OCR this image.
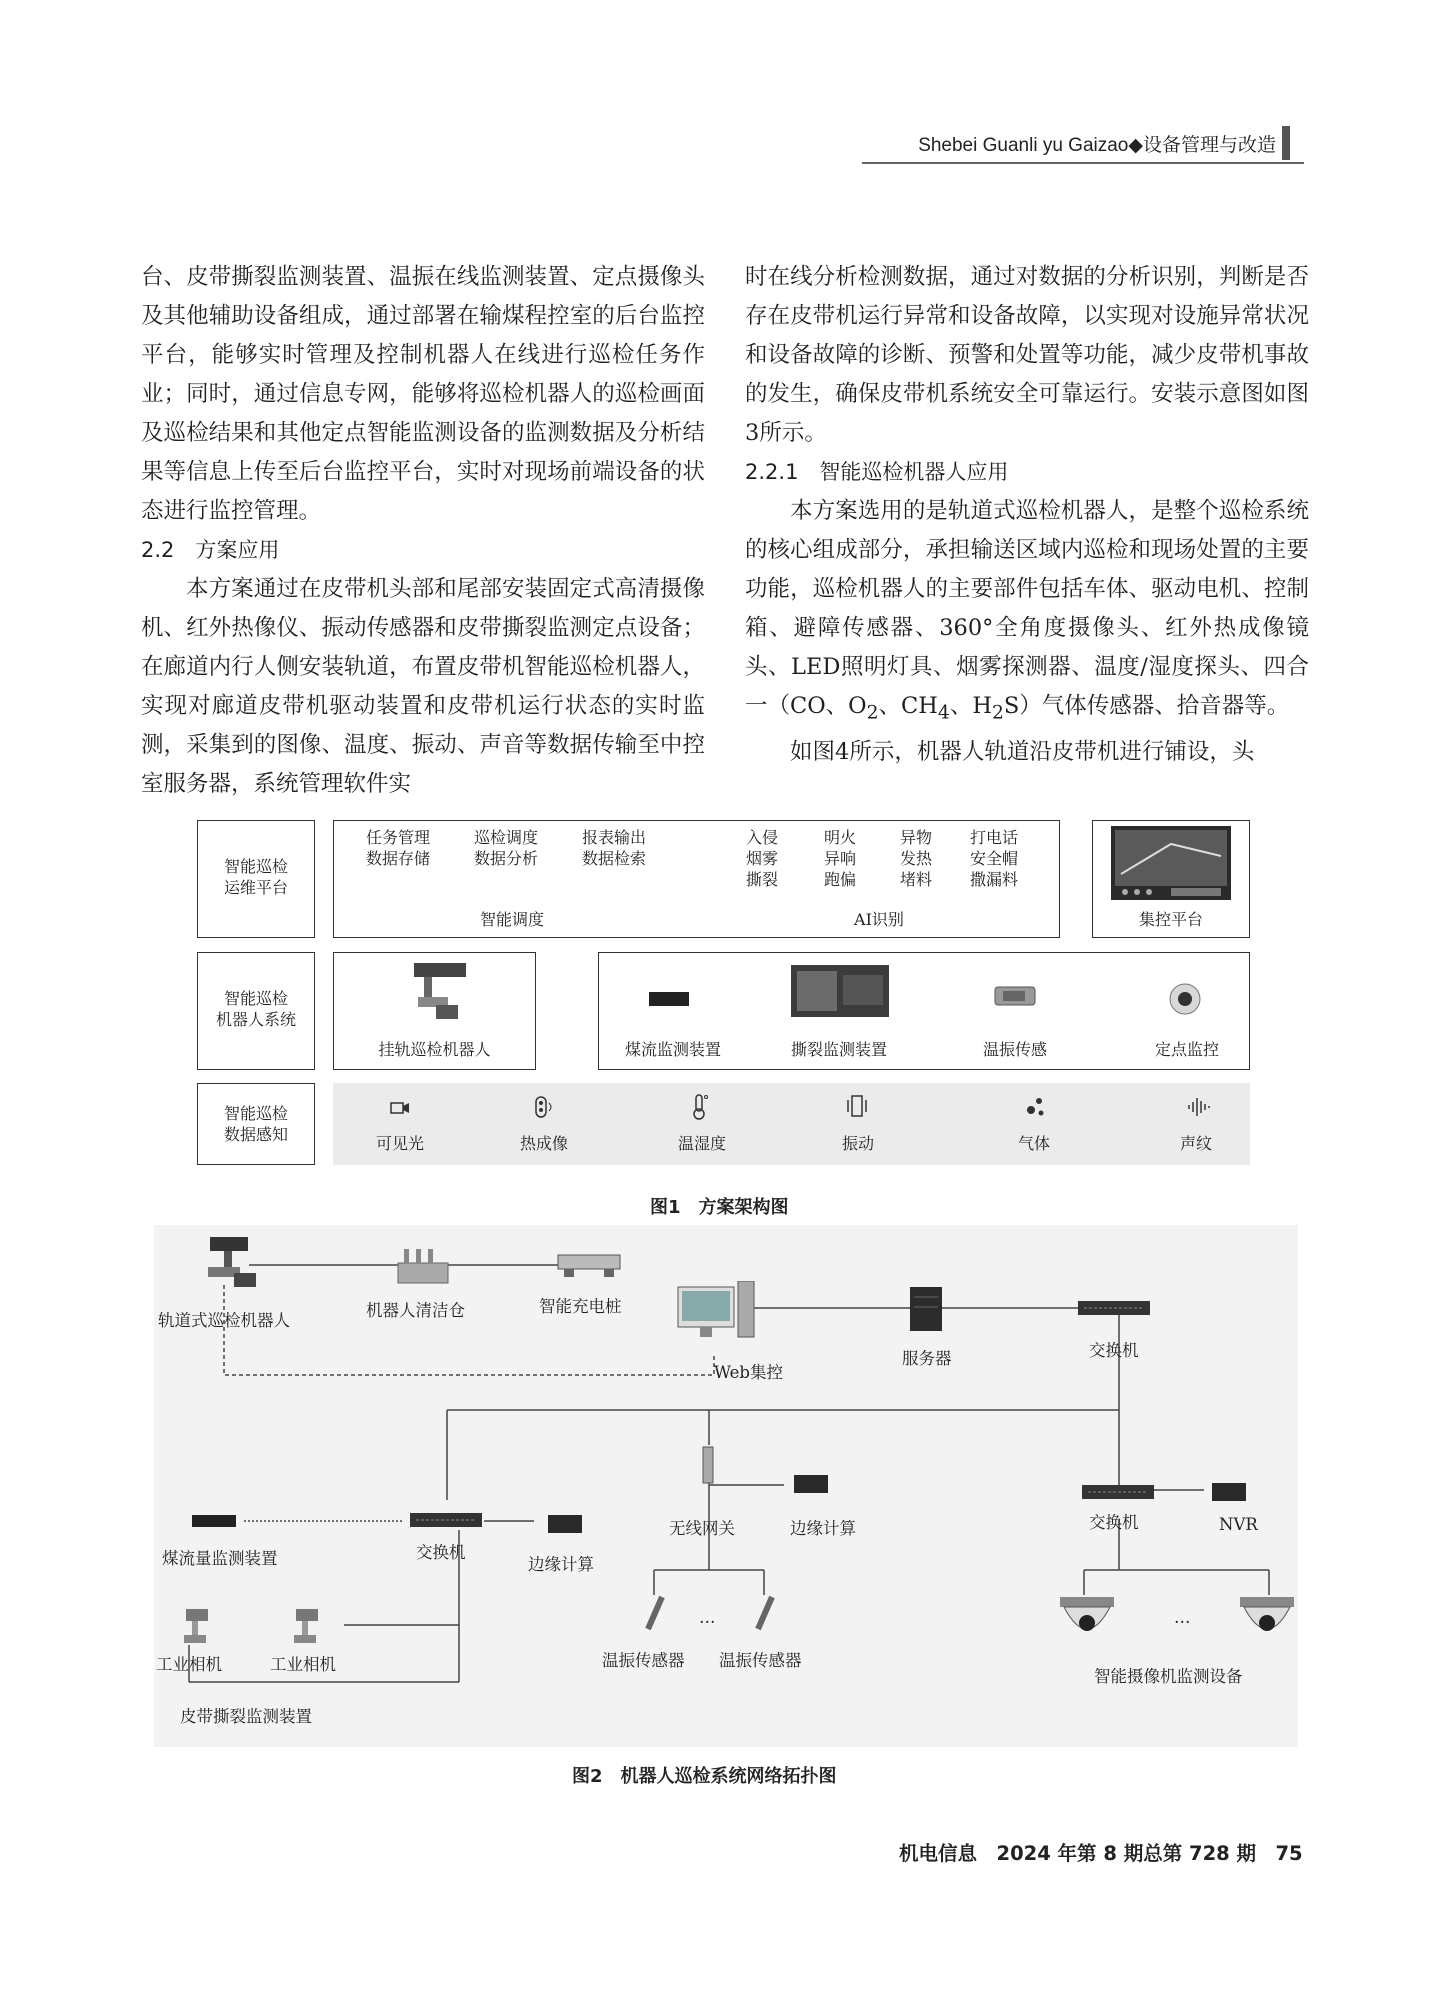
Shebei Guanli yu Gaizao◆设备管理与改造

台、皮带撕裂监测装置、温振在线监测装置、定点摄像头及其他辅助设备组成，通过部署在输煤程控室的后台监控平台，能够实时管理及控制机器人在线进行巡检任务作业；同时，通过信息专网，能够将巡检机器人的巡检画面及巡检结果和其他定点智能监测设备的监测数据及分析结果等信息上传至后台监控平台，实时对现场前端设备的状态进行监控管理。

2.2　方案应用

本方案通过在皮带机头部和尾部安装固定式高清摄像机、红外热像仪、振动传感器和皮带撕裂监测定点设备；在廊道内行人侧安装轨道，布置皮带机智能巡检机器人，实现对廊道皮带机驱动装置和皮带机运行状态的实时监测，采集到的图像、温度、振动、声音等数据传输至中控室服务器，系统管理软件实

时在线分析检测数据，通过对数据的分析识别，判断是否存在皮带机运行异常和设备故障，以实现对设施异常状况和设备故障的诊断、预警和处置等功能，减少皮带机事故的发生，确保皮带机系统安全可靠运行。安装示意图如图3所示。

2.2.1　智能巡检机器人应用

本方案选用的是轨道式巡检机器人，是整个巡检系统的核心组成部分，承担输送区域内巡检和现场处置的主要功能，巡检机器人的主要部件包括车体、驱动电机、控制箱、避障传感器、360°全角度摄像头、红外热成像镜头、LED照明灯具、烟雾探测器、温度/湿度探头、四合一（CO、$O_2$、$CH_4$、$H_2S$）气体传感器、拾音器等。

如图4所示，机器人轨道沿皮带机进行铺设，头

智能巡检
运维平台
任务管理
数据存储
巡检调度
数据分析
报表输出
数据检索
智能调度
入侵
烟雾
撕裂
明火
异响
跑偏
异物
发热
堵料
打电话
安全帽
撒漏料
AI识别	集控平台
智能巡检
机器人系统
挂轨巡检机器人	煤流监测装置	撕裂监测装置	温振传感	定点监控
智能巡检
数据感知	可见光	热成像	温湿度	振动	气体	声纹
图1　方案架构图
轨道式巡检机器人
机器人清洁仓	智能充电桩
Web集控
服务器	交换机
煤流量监测装置	交换机
边缘计算
工业相机	工业相机
皮带撕裂监测装置
无线网关	边缘计算
…
温振传感器 温振传感器
交换机	NVR
…
智能摄像机监测设备
图2　机器人巡检系统网络拓扑图
机电信息　2024 年第 8 期总第 728 期　75
